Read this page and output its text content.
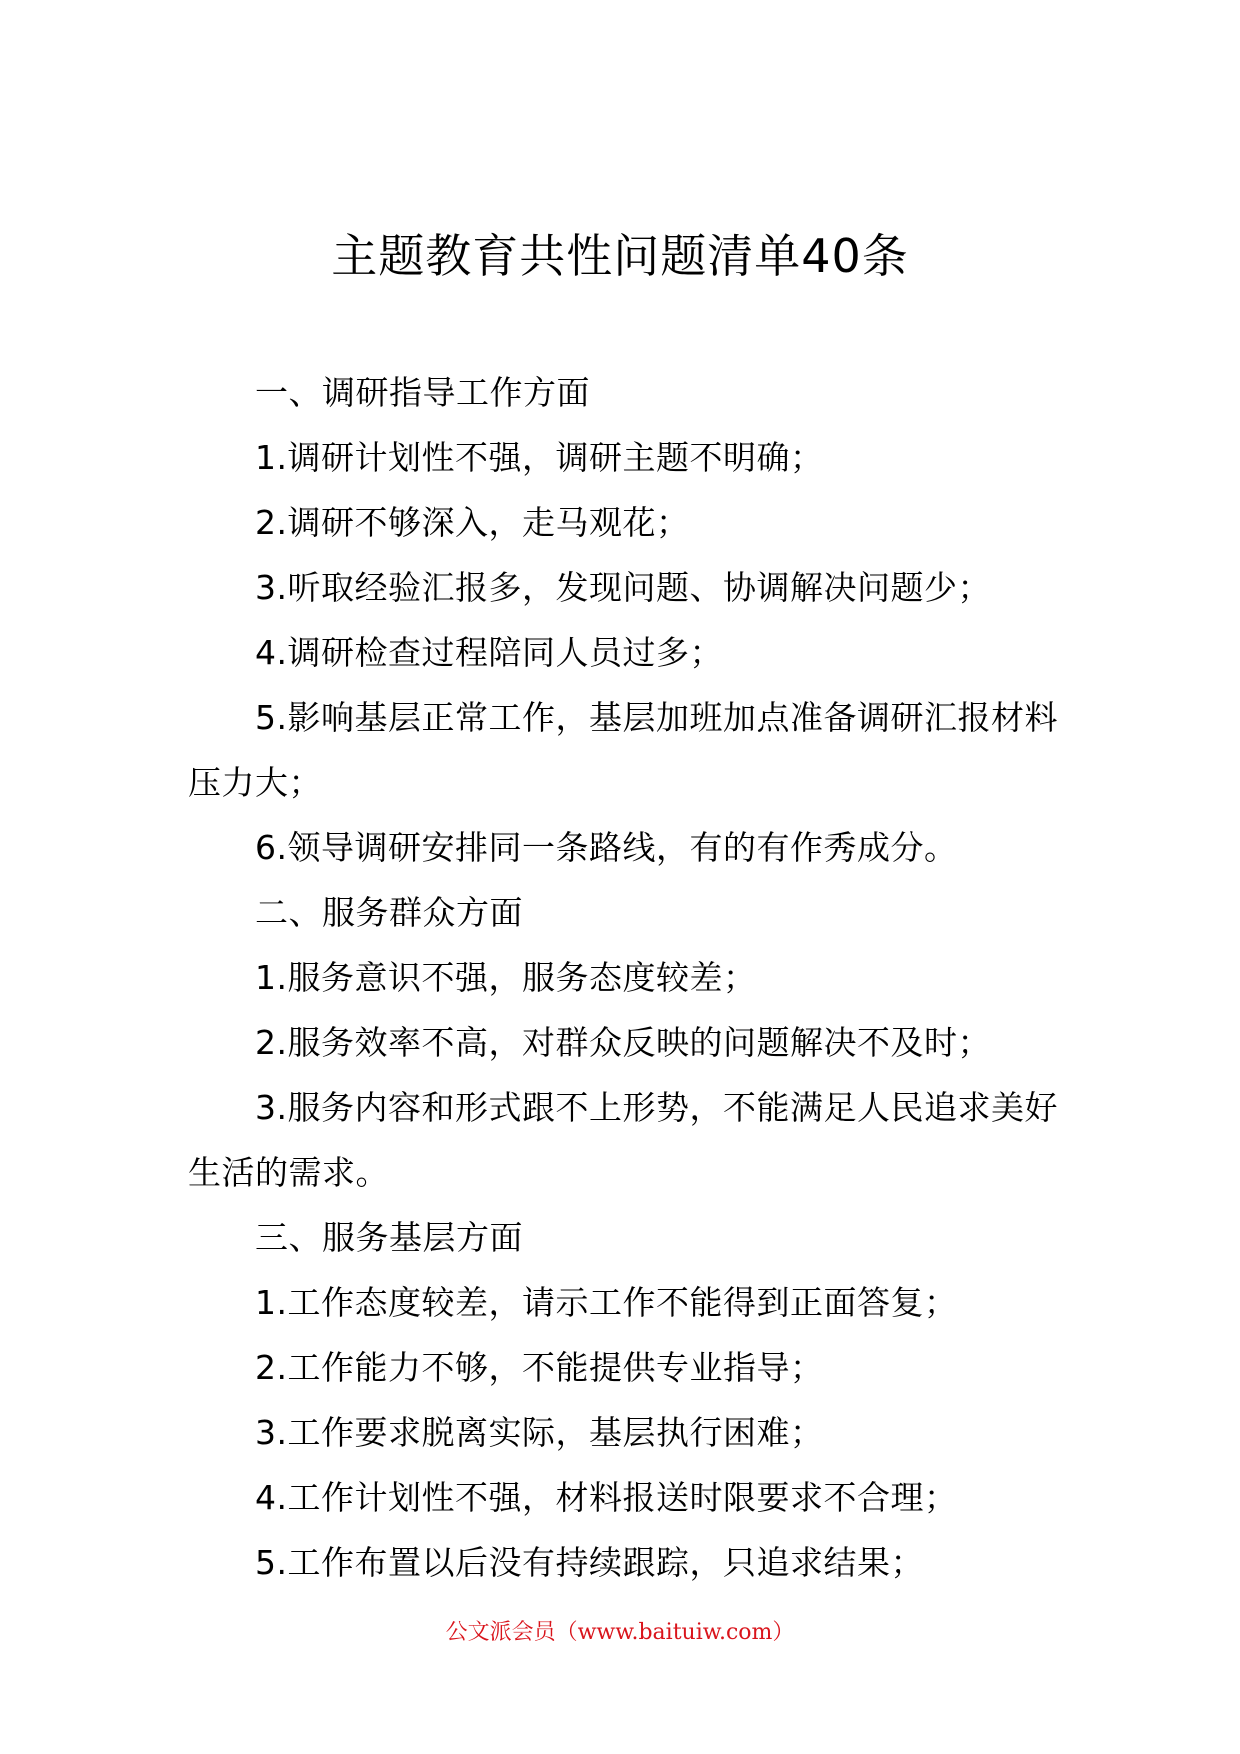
主题教育共性问题清单40条

一、调研指导工作方面

1.调研计划性不强，调研主题不明确；

2.调研不够深入，走马观花；

3.听取经验汇报多，发现问题、协调解决问题少；

4.调研检查过程陪同人员过多；

5.影响基层正常工作，基层加班加点准备调研汇报材料压力大；

6.领导调研安排同一条路线，有的有作秀成分。

二、服务群众方面

1.服务意识不强，服务态度较差；

2.服务效率不高，对群众反映的问题解决不及时；

3.服务内容和形式跟不上形势，不能满足人民追求美好生活的需求。

三、服务基层方面

1.工作态度较差，请示工作不能得到正面答复；

2.工作能力不够，不能提供专业指导；

3.工作要求脱离实际，基层执行困难；

4.工作计划性不强，材料报送时限要求不合理；

5.工作布置以后没有持续跟踪，只追求结果；

公文派会员（www.baituiw.com）
